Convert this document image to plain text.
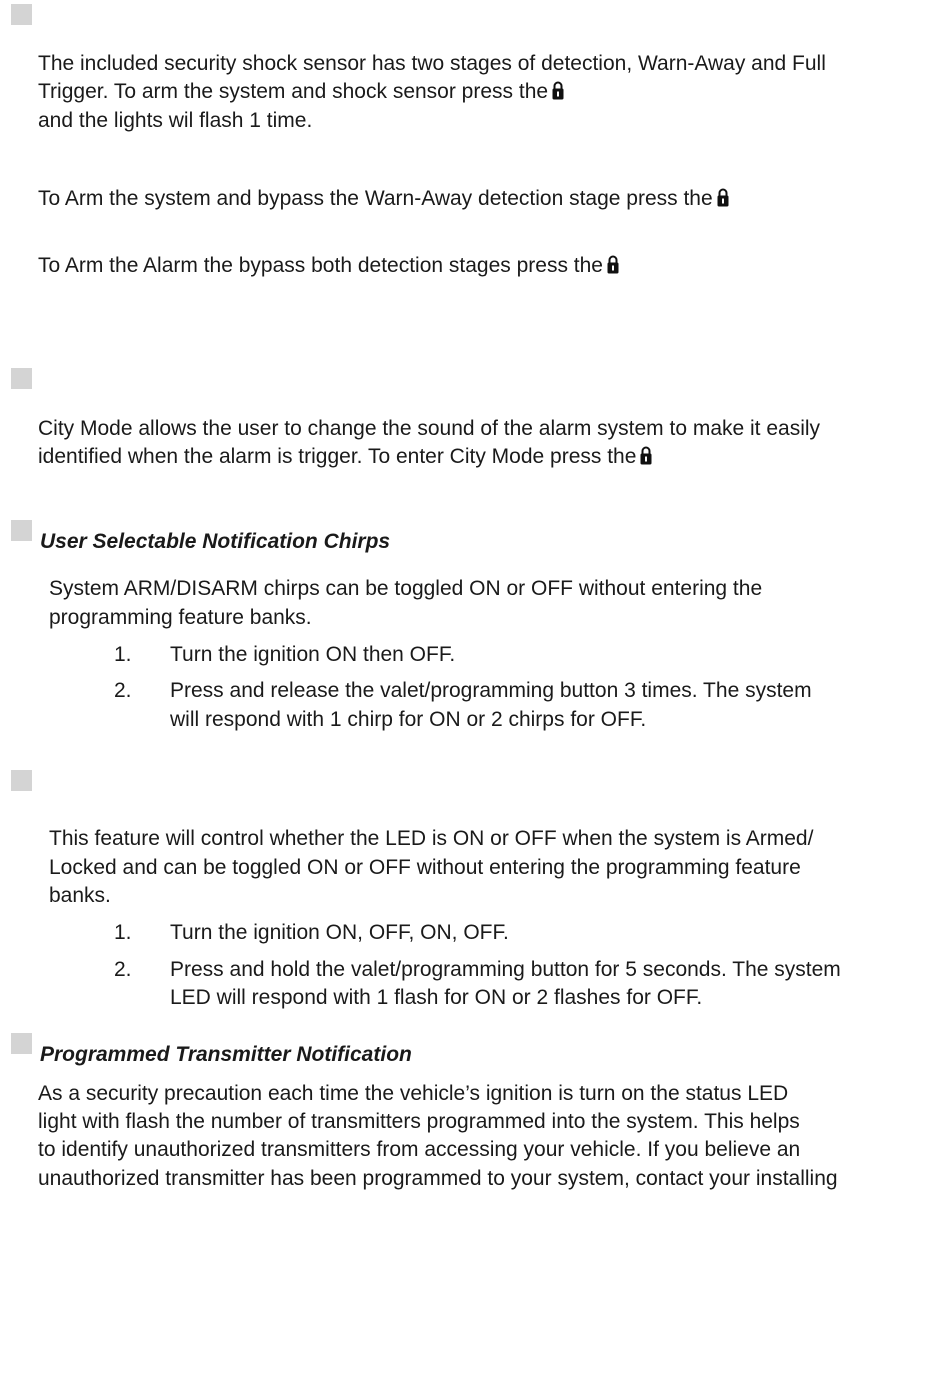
The included security shock sensor has two stages of detection, Warn-Away and Full
Trigger. To arm the system and shock sensor press the
and the lights wil flash 1 time.
To Arm the system and bypass the Warn-Away detection stage press the
To Arm the Alarm the bypass both detection stages press the
City Mode allows the user to change the sound of the alarm system to make it easily
identified when the alarm is trigger. To enter City Mode press the
User Selectable Notification Chirps
System ARM/DISARM chirps can be toggled ON or OFF without entering the
programming feature banks.
1. Turn the ignition ON then OFF.
2. Press and release the valet/programming button 3 times. The system
will respond with 1 chirp for ON or 2 chirps for OFF.
This feature will control whether the LED is ON or OFF when the system is Armed/
Locked and can be toggled ON or OFF without entering the programming feature
banks.
1. Turn the ignition ON, OFF, ON, OFF.
2. Press and hold the valet/programming button for 5 seconds. The system
LED will respond with 1 flash for ON or 2 flashes for OFF.
Programmed Transmitter Notification
As a security precaution each time the vehicle’s ignition is turn on the status LED
light with flash the number of transmitters programmed into the system. This helps
to identify unauthorized transmitters from accessing your vehicle. If you believe an
unauthorized transmitter has been programmed to your system, contact your installing
